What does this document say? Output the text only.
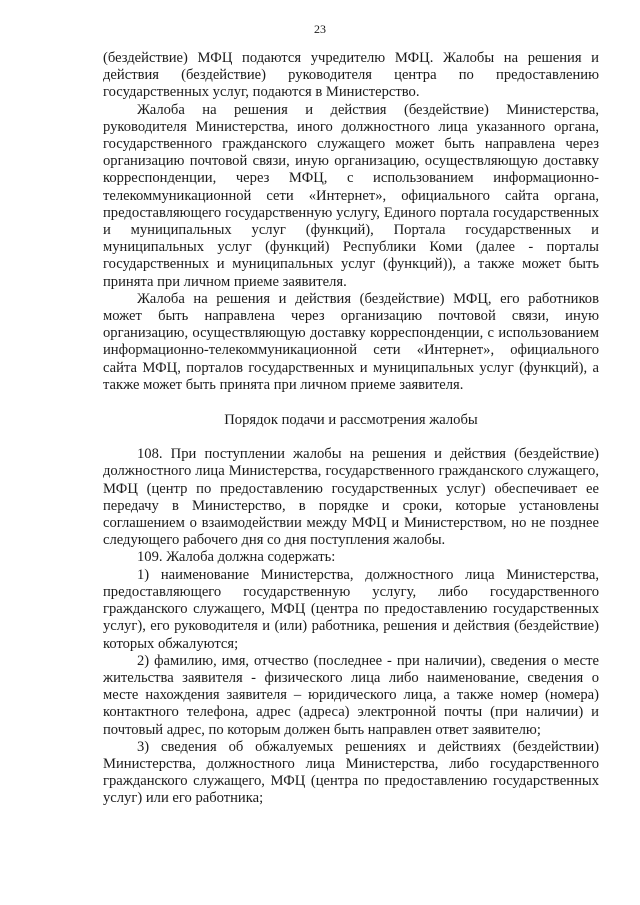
23

(бездействие) МФЦ подаются учредителю МФЦ. Жалобы на решения и действия (бездействие) руководителя центра по предоставлению государственных услуг, подаются в Министерство.

Жалоба на решения и действия (бездействие) Министерства, руководителя Министерства, иного должностного лица указанного органа, государственного гражданского служащего может быть направлена через организацию почтовой связи, иную организацию, осуществляющую доставку корреспонденции, через МФЦ, с использованием информационно-телекоммуникационной сети «Интернет», официального сайта органа, предоставляющего государственную услугу, Единого портала государственных и муниципальных услуг (функций), Портала государственных и муниципальных услуг (функций) Республики Коми (далее - порталы государственных и муниципальных услуг (функций)), а также может быть принята при личном приеме заявителя.

Жалоба на решения и действия (бездействие) МФЦ, его работников может быть направлена через организацию почтовой связи, иную организацию, осуществляющую доставку корреспонденции, с использованием информационно-телекоммуникационной сети «Интернет», официального сайта МФЦ, порталов государственных и муниципальных услуг (функций), а также может быть принята при личном приеме заявителя.

Порядок подачи и рассмотрения жалобы

108. При поступлении жалобы на решения и действия (бездействие) должностного лица Министерства, государственного гражданского служащего, МФЦ (центр по предоставлению государственных услуг) обеспечивает ее передачу в Министерство, в порядке и сроки, которые установлены соглашением о взаимодействии между МФЦ и Министерством, но не позднее следующего рабочего дня со дня поступления жалобы.

109. Жалоба должна содержать:

1) наименование Министерства, должностного лица Министерства, предоставляющего государственную услугу, либо государственного гражданского служащего, МФЦ (центра по предоставлению государственных услуг), его руководителя и (или) работника, решения и действия (бездействие) которых обжалуются;

2) фамилию, имя, отчество (последнее - при наличии), сведения о месте жительства заявителя - физического лица либо наименование, сведения о месте нахождения заявителя – юридического лица, а также номер (номера) контактного телефона, адрес (адреса) электронной почты (при наличии) и почтовый адрес, по которым должен быть направлен ответ заявителю;

3) сведения об обжалуемых решениях и действиях (бездействии) Министерства, должностного лица Министерства, либо государственного гражданского служащего, МФЦ (центра по предоставлению государственных услуг) или его работника;
